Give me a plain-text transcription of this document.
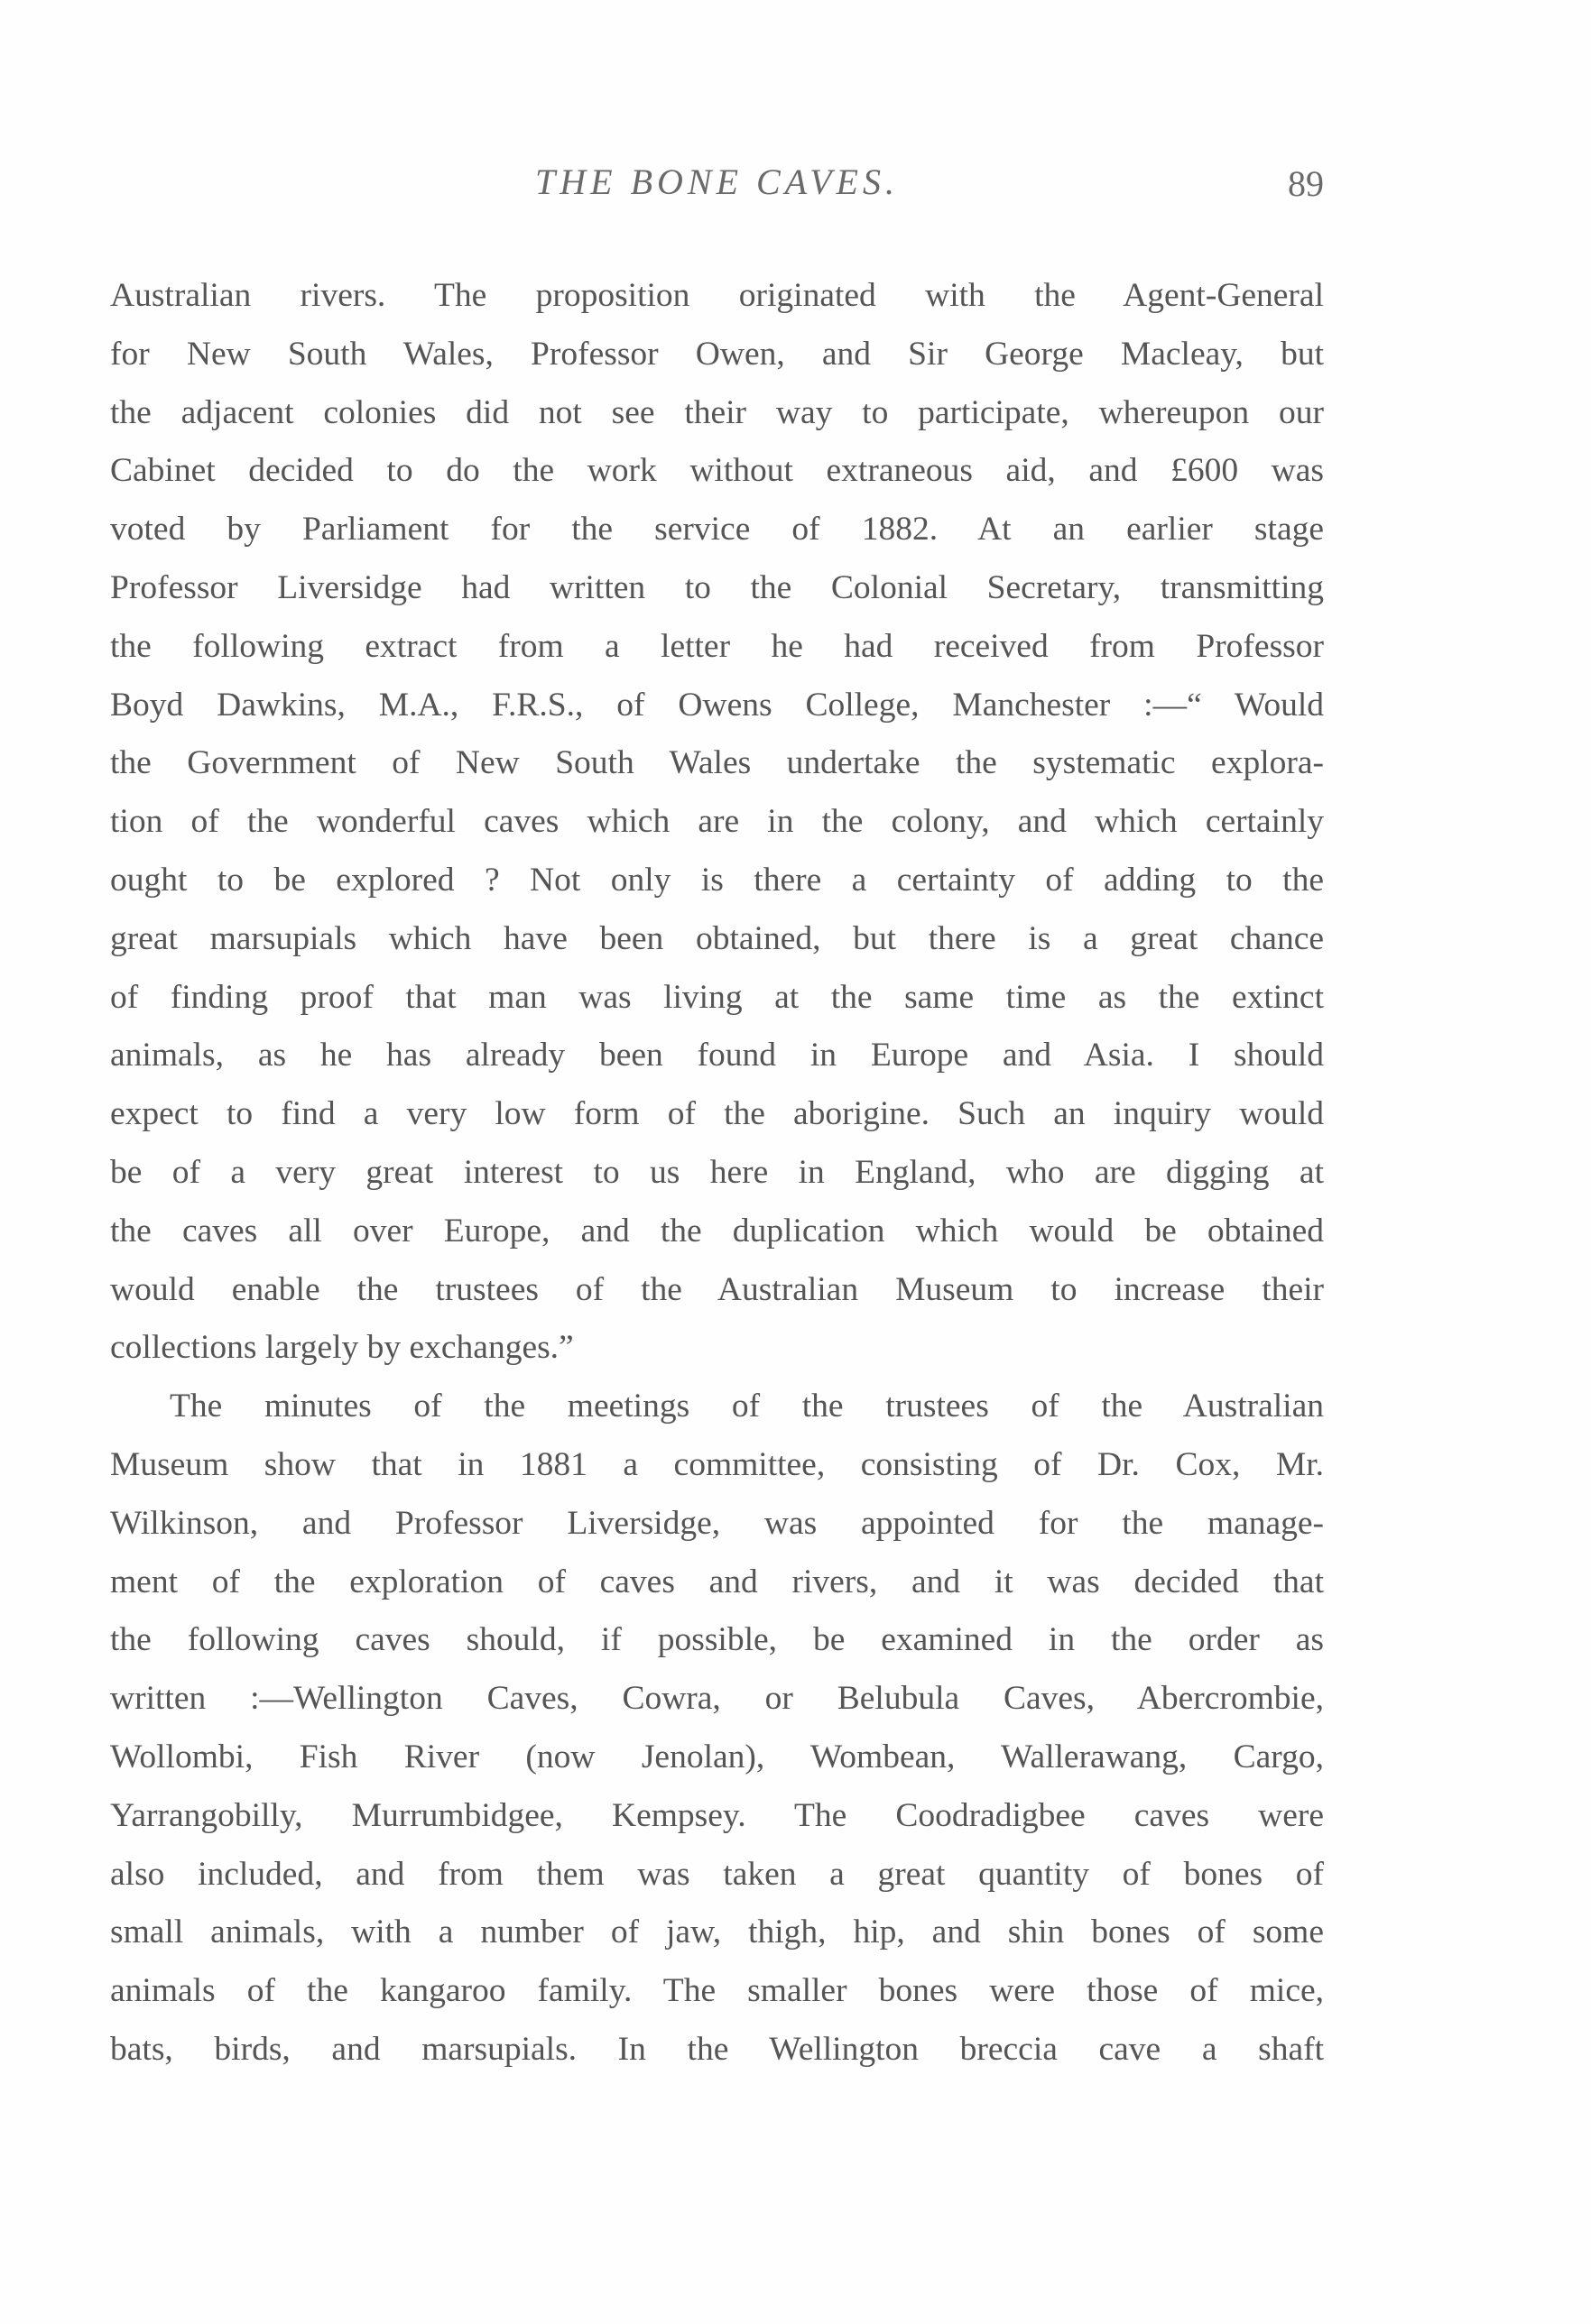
THE BONE CAVES.	89
Australian rivers. The proposition originated with the Agent-General
for New South Wales, Professor Owen, and Sir George Macleay, but
the adjacent colonies did not see their way to participate, whereupon our
Cabinet decided to do the work without extraneous aid, and £600 was
voted by Parliament for the service of 1882. At an earlier stage
Professor Liversidge had written to the Colonial Secretary, transmitting
the following extract from a letter he had received from Professor
Boyd Dawkins, M.A., F.R.S., of Owens College, Manchester :—“ Would
the Government of New South Wales undertake the systematic explora-
tion of the wonderful caves which are in the colony, and which certainly
ought to be explored ? Not only is there a certainty of adding to the
great marsupials which have been obtained, but there is a great chance
of finding proof that man was living at the same time as the extinct
animals, as he has already been found in Europe and Asia. I should
expect to find a very low form of the aborigine. Such an inquiry would
be of a very great interest to us here in England, who are digging at
the caves all over Europe, and the duplication which would be obtained
would enable the trustees of the Australian Museum to increase their
collections largely by exchanges.”
The minutes of the meetings of the trustees of the Australian
Museum show that in 1881 a committee, consisting of Dr. Cox, Mr.
Wilkinson, and Professor Liversidge, was appointed for the manage-
ment of the exploration of caves and rivers, and it was decided that
the following caves should, if possible, be examined in the order as
written :—Wellington Caves, Cowra, or Belubula Caves, Abercrombie,
Wollombi, Fish River (now Jenolan), Wombean, Wallerawang, Cargo,
Yarrangobilly, Murrumbidgee, Kempsey. The Coodradigbee caves were
also included, and from them was taken a great quantity of bones of
small animals, with a number of jaw, thigh, hip, and shin bones of some
animals of the kangaroo family. The smaller bones were those of mice,
bats, birds, and marsupials. In the Wellington breccia cave a shaft
